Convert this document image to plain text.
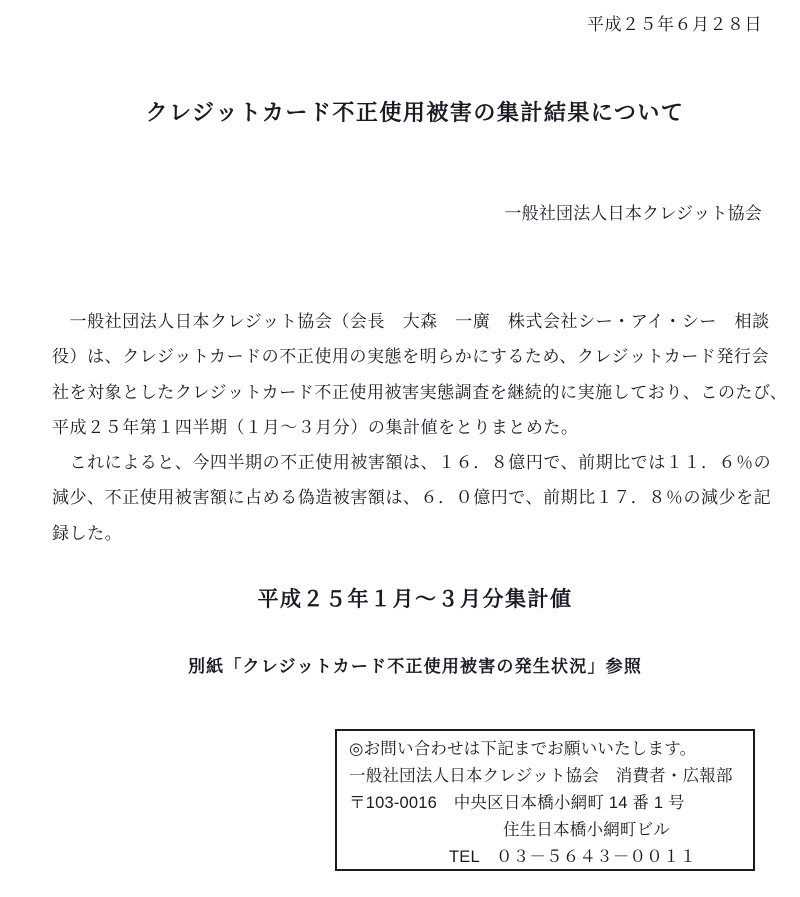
平成２５年６月２８日
クレジットカード不正使用被害の集計結果について
一般社団法人日本クレジット協会
　一般社団法人日本クレジット協会（会長　大森　一廣　株式会社シー・アイ・シー　相談
役）は、クレジットカードの不正使用の実態を明らかにするため、クレジットカード発行会
社を対象としたクレジットカード不正使用被害実態調査を継続的に実施しており、このたび、
平成２５年第１四半期（１月～３月分）の集計値をとりまとめた。
　これによると、今四半期の不正使用被害額は、１６．８億円で、前期比では１１．６％の
減少、不正使用被害額に占める偽造被害額は、６．０億円で、前期比１７．８％の減少を記
録した。
平成２５年１月～３月分集計値
別紙「クレジットカード不正使用被害の発生状況」参照
◎お問い合わせは下記までお願いいたします。
一般社団法人日本クレジット協会　消費者・広報部
〒103-0016　中央区日本橋小網町 14 番 1 号
住生日本橋小網町ビル
TEL　０３－５６４３－００１１
